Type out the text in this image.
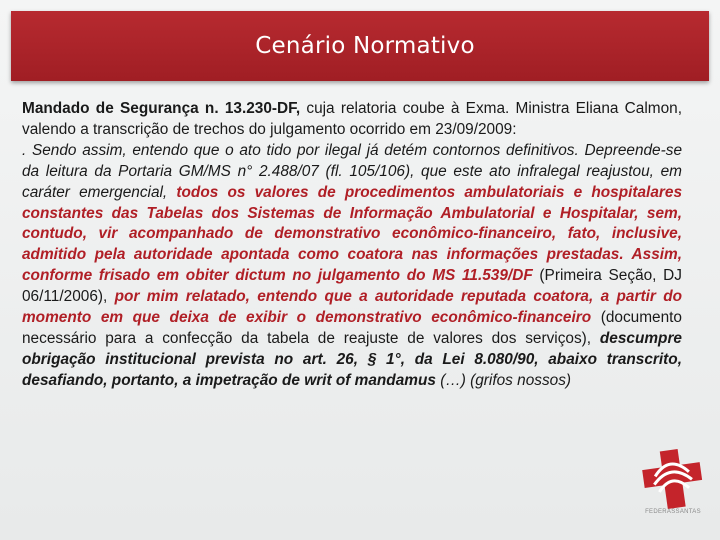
Cenário Normativo

Mandado de Segurança n. 13.230-DF, cuja relatoria coube à Exma. Ministra Eliana Calmon, valendo a transcrição de trechos do julgamento ocorrido em 23/09/2009:

. Sendo assim, entendo que o ato tido por ilegal já detém contornos definitivos. Depreende-se da leitura da Portaria GM/MS n° 2.488/07 (fl. 105/106), que este ato infralegal reajustou, em caráter emergencial, todos os valores de procedimentos ambulatoriais e hospitalares constantes das Tabelas dos Sistemas de Informação Ambulatorial e Hospitalar, sem, contudo, vir acompanhado de demonstrativo econômico-financeiro, fato, inclusive, admitido pela autoridade apontada como coatora nas informações prestadas. Assim, conforme frisado em obiter dictum no julgamento do MS 11.539/DF (Primeira Seção, DJ 06/11/2006), por mim relatado, entendo que a autoridade reputada coatora, a partir do momento em que deixa de exibir o demonstrativo econômico-financeiro (documento necessário para a confecção da tabela de reajuste de valores dos serviços), descumpre obrigação institucional prevista no art. 26, § 1°, da Lei 8.080/90, abaixo transcrito, desafiando, portanto, a impetração de writ of mandamus (…) (grifos nossos)

FEDERASSANTAS
